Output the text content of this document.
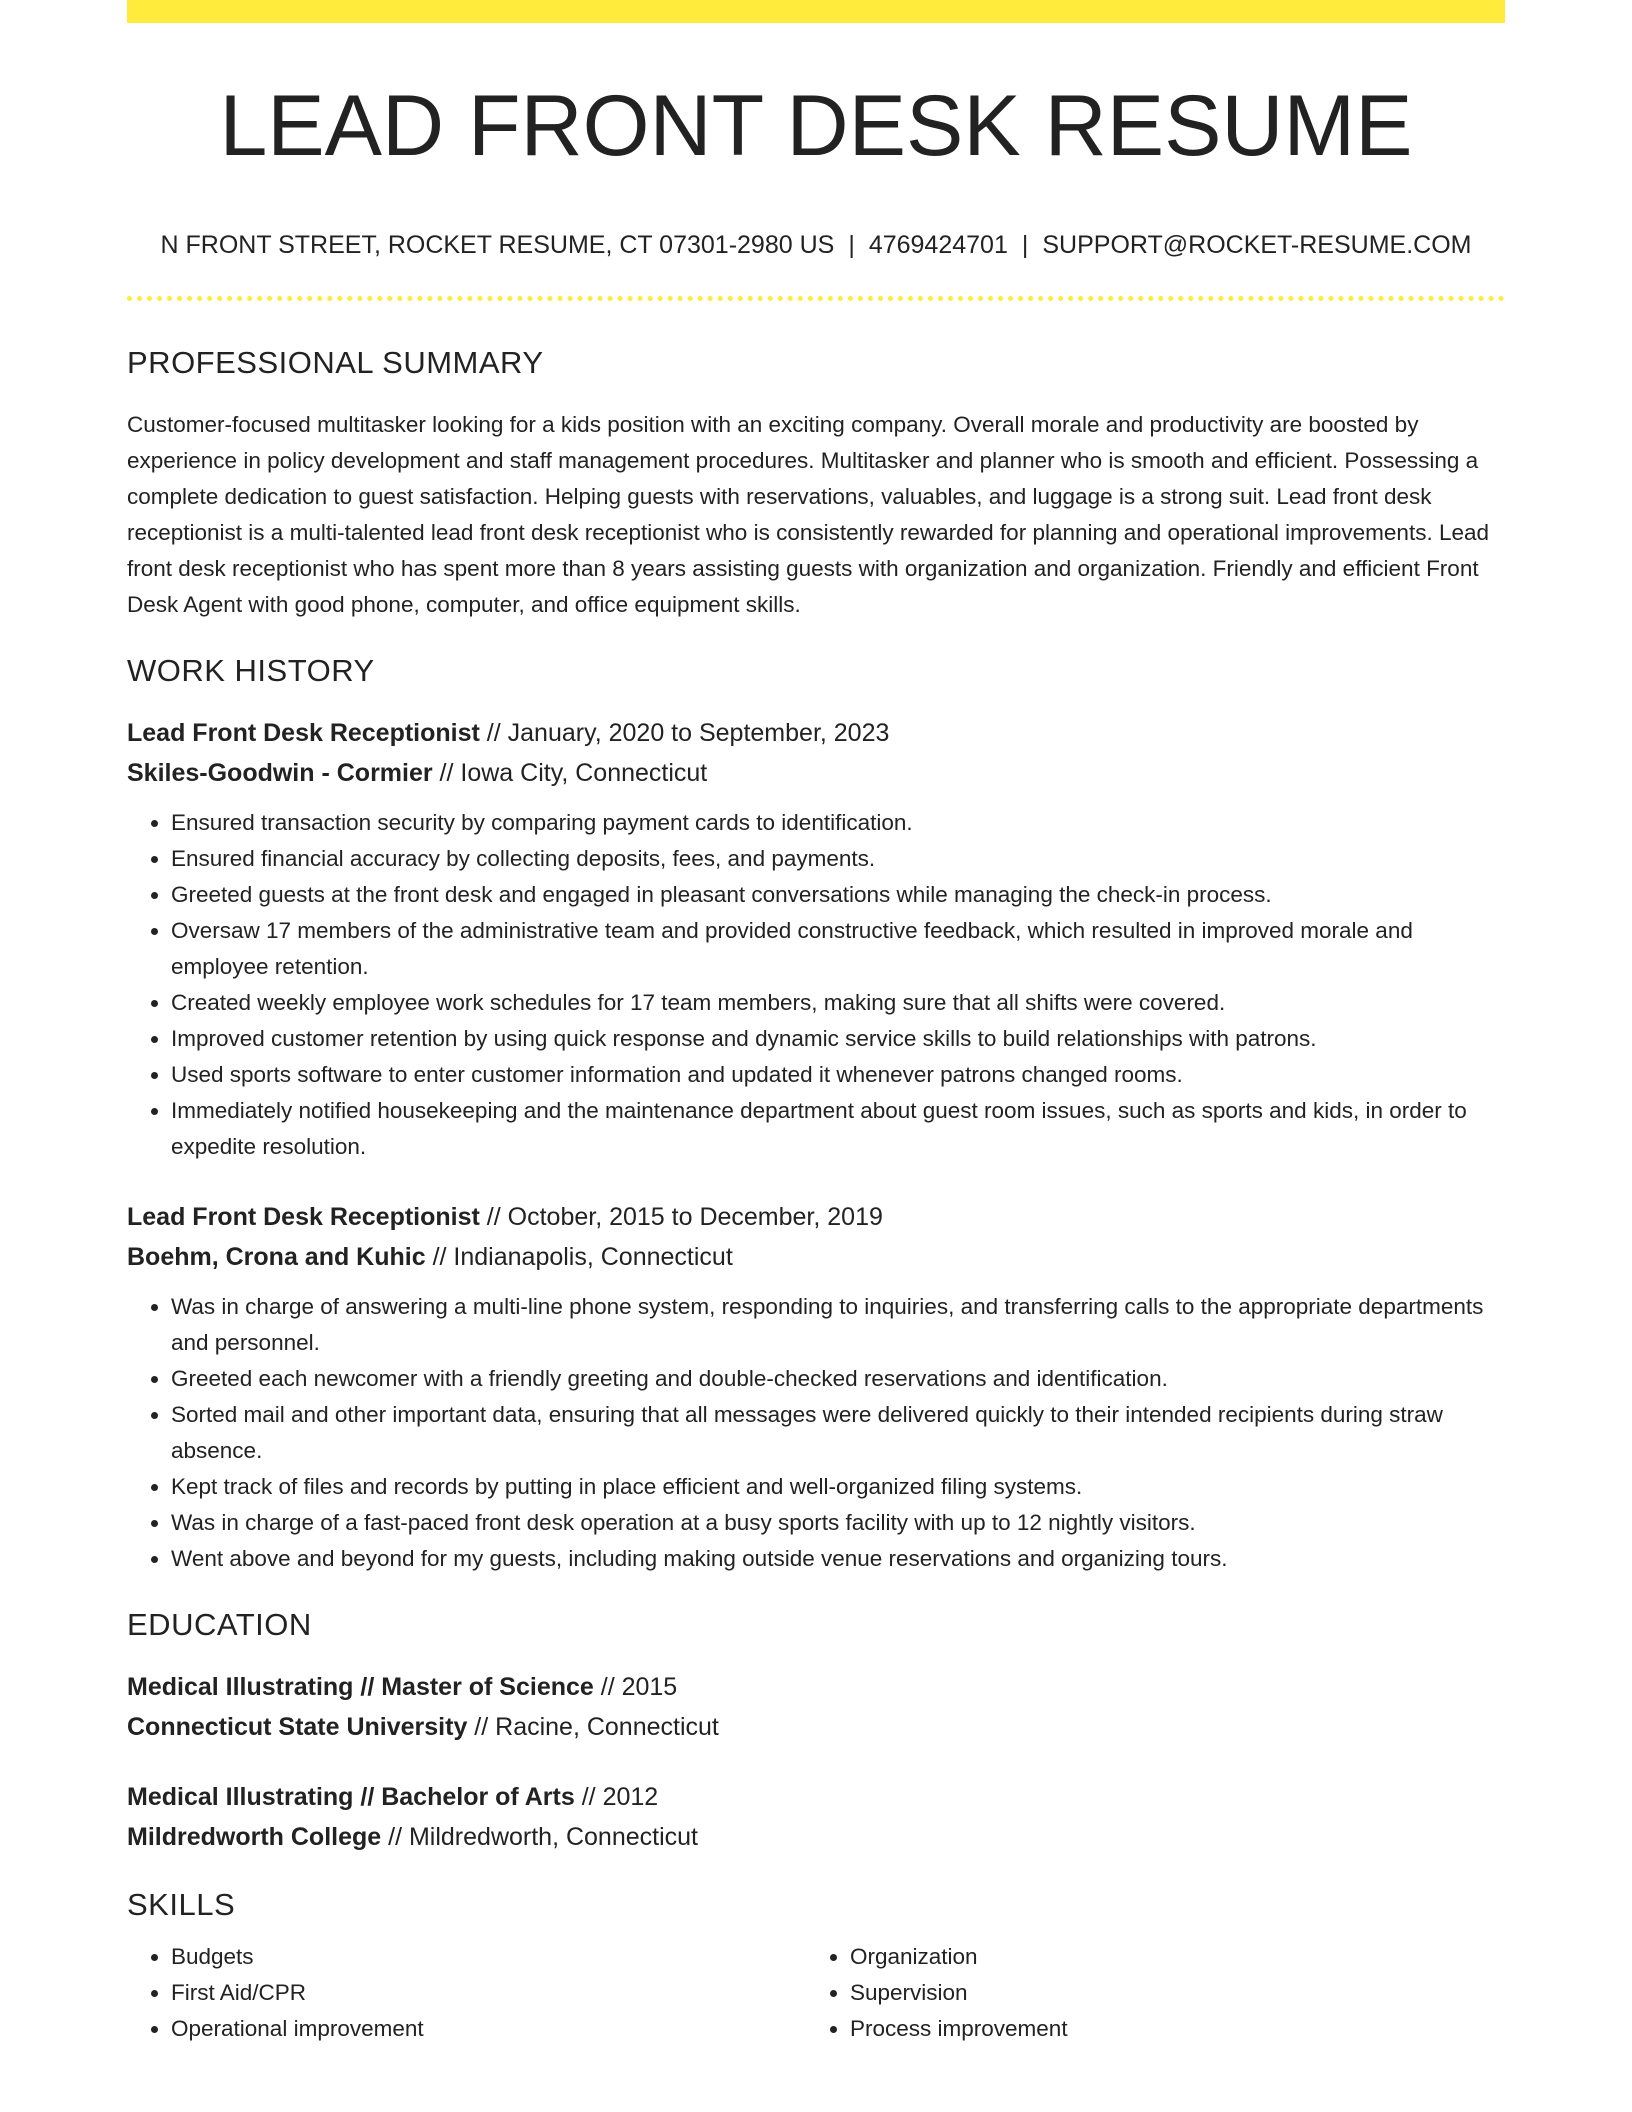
LEAD FRONT DESK RESUME
N FRONT STREET, ROCKET RESUME, CT 07301-2980 US | 4769424701 | SUPPORT@ROCKET-RESUME.COM
PROFESSIONAL SUMMARY
Customer-focused multitasker looking for a kids position with an exciting company. Overall morale and productivity are boosted by experience in policy development and staff management procedures. Multitasker and planner who is smooth and efficient. Possessing a complete dedication to guest satisfaction. Helping guests with reservations, valuables, and luggage is a strong suit. Lead front desk receptionist is a multi-talented lead front desk receptionist who is consistently rewarded for planning and operational improvements. Lead front desk receptionist who has spent more than 8 years assisting guests with organization and organization. Friendly and efficient Front Desk Agent with good phone, computer, and office equipment skills.
WORK HISTORY
Lead Front Desk Receptionist // January, 2020 to September, 2023
Skiles-Goodwin - Cormier // Iowa City, Connecticut
• Ensured transaction security by comparing payment cards to identification.
• Ensured financial accuracy by collecting deposits, fees, and payments.
• Greeted guests at the front desk and engaged in pleasant conversations while managing the check-in process.
• Oversaw 17 members of the administrative team and provided constructive feedback, which resulted in improved morale and employee retention.
• Created weekly employee work schedules for 17 team members, making sure that all shifts were covered.
• Improved customer retention by using quick response and dynamic service skills to build relationships with patrons.
• Used sports software to enter customer information and updated it whenever patrons changed rooms.
• Immediately notified housekeeping and the maintenance department about guest room issues, such as sports and kids, in order to expedite resolution.
Lead Front Desk Receptionist // October, 2015 to December, 2019
Boehm, Crona and Kuhic // Indianapolis, Connecticut
• Was in charge of answering a multi-line phone system, responding to inquiries, and transferring calls to the appropriate departments and personnel.
• Greeted each newcomer with a friendly greeting and double-checked reservations and identification.
• Sorted mail and other important data, ensuring that all messages were delivered quickly to their intended recipients during straw absence.
• Kept track of files and records by putting in place efficient and well-organized filing systems.
• Was in charge of a fast-paced front desk operation at a busy sports facility with up to 12 nightly visitors.
• Went above and beyond for my guests, including making outside venue reservations and organizing tours.
EDUCATION
Medical Illustrating // Master of Science // 2015
Connecticut State University // Racine, Connecticut
Medical Illustrating // Bachelor of Arts // 2012
Mildredworth College // Mildredworth, Connecticut
SKILLS
• Budgets
• First Aid/CPR
• Operational improvement
• Organization
• Supervision
• Process improvement
